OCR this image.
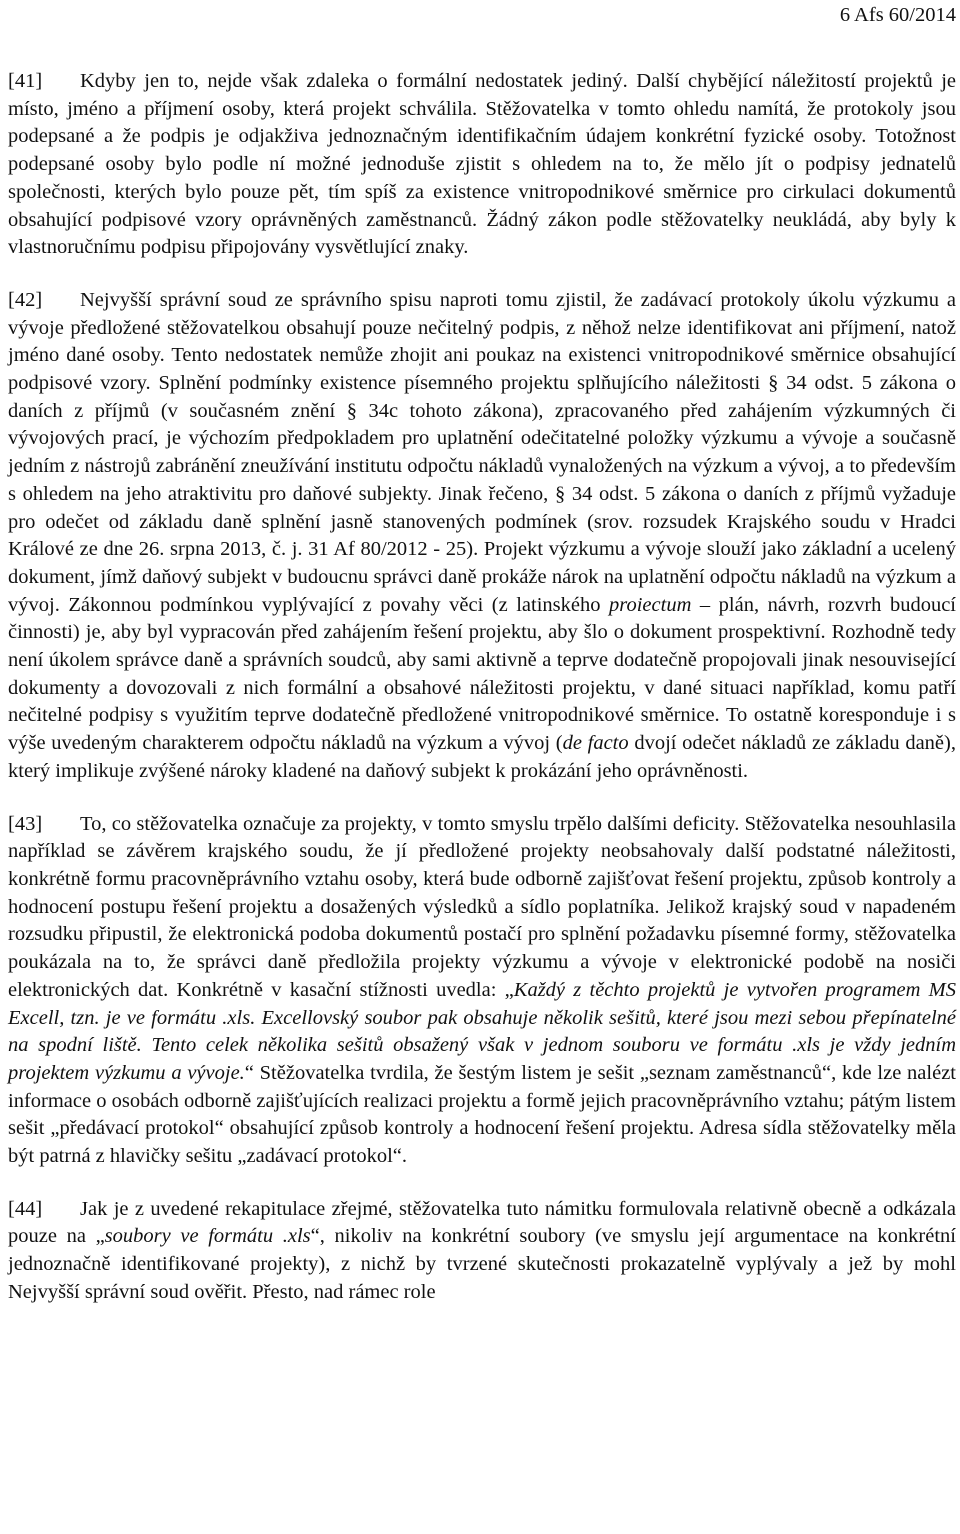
6 Afs 60/2014

[41] Kdyby jen to, nejde však zdaleka o formální nedostatek jediný. Další chybějící náležitostí projektů je místo, jméno a příjmení osoby, která projekt schválila. Stěžovatelka v tomto ohledu namítá, že protokoly jsou podepsané a že podpis je odjakživa jednoznačným identifikačním údajem konkrétní fyzické osoby. Totožnost podepsané osoby bylo podle ní možné jednoduše zjistit s ohledem na to, že mělo jít o podpisy jednatelů společnosti, kterých bylo pouze pět, tím spíš za existence vnitropodnikové směrnice pro cirkulaci dokumentů obsahující podpisové vzory oprávněných zaměstnanců. Žádný zákon podle stěžovatelky neukládá, aby byly k vlastnoručnímu podpisu připojovány vysvětlující znaky.

[42] Nejvyšší správní soud ze správního spisu naproti tomu zjistil, že zadávací protokoly úkolu výzkumu a vývoje předložené stěžovatelkou obsahují pouze nečitelný podpis, z něhož nelze identifikovat ani příjmení, natož jméno dané osoby. Tento nedostatek nemůže zhojit ani poukaz na existenci vnitropodnikové směrnice obsahující podpisové vzory. Splnění podmínky existence písemného projektu splňujícího náležitosti § 34 odst. 5 zákona o daních z příjmů (v současném znění § 34c tohoto zákona), zpracovaného před zahájením výzkumných či vývojových prací, je výchozím předpokladem pro uplatnění odečitatelné položky výzkumu a vývoje a současně jedním z nástrojů zabránění zneužívání institutu odpočtu nákladů vynaložených na výzkum a vývoj, a to především s ohledem na jeho atraktivitu pro daňové subjekty. Jinak řečeno, § 34 odst. 5 zákona o daních z příjmů vyžaduje pro odečet od základu daně splnění jasně stanovených podmínek (srov. rozsudek Krajského soudu v Hradci Králové ze dne 26. srpna 2013, č. j. 31 Af 80/2012 - 25). Projekt výzkumu a vývoje slouží jako základní a ucelený dokument, jímž daňový subjekt v budoucnu správci daně prokáže nárok na uplatnění odpočtu nákladů na výzkum a vývoj. Zákonnou podmínkou vyplývající z povahy věci (z latinského proiectum – plán, návrh, rozvrh budoucí činnosti) je, aby byl vypracován před zahájením řešení projektu, aby šlo o dokument prospektivní. Rozhodně tedy není úkolem správce daně a správních soudců, aby sami aktivně a teprve dodatečně propojovali jinak nesouvisející dokumenty a dovozovali z nich formální a obsahové náležitosti projektu, v dané situaci například, komu patří nečitelné podpisy s využitím teprve dodatečně předložené vnitropodnikové směrnice. To ostatně koresponduje i s výše uvedeným charakterem odpočtu nákladů na výzkum a vývoj (de facto dvojí odečet nákladů ze základu daně), který implikuje zvýšené nároky kladené na daňový subjekt k prokázání jeho oprávněnosti.

[43] To, co stěžovatelka označuje za projekty, v tomto smyslu trpělo dalšími deficity. Stěžovatelka nesouhlasila například se závěrem krajského soudu, že jí předložené projekty neobsahovaly další podstatné náležitosti, konkrétně formu pracovněprávního vztahu osoby, která bude odborně zajišťovat řešení projektu, způsob kontroly a hodnocení postupu řešení projektu a dosažených výsledků a sídlo poplatníka. Jelikož krajský soud v napadeném rozsudku připustil, že elektronická podoba dokumentů postačí pro splnění požadavku písemné formy, stěžovatelka poukázala na to, že správci daně předložila projekty výzkumu a vývoje v elektronické podobě na nosiči elektronických dat. Konkrétně v kasační stížnosti uvedla: „Každý z těchto projektů je vytvořen programem MS Excell, tzn. je ve formátu .xls. Excellovský soubor pak obsahuje několik sešitů, které jsou mezi sebou přepínatelné na spodní liště. Tento celek několika sešitů obsažený však v jednom souboru ve formátu .xls je vždy jedním projektem výzkumu a vývoje.“ Stěžovatelka tvrdila, že šestým listem je sešit „seznam zaměstnanců“, kde lze nalézt informace o osobách odborně zajišťujících realizaci projektu a formě jejich pracovněprávního vztahu; pátým listem sešit „předávací protokol“ obsahující způsob kontroly a hodnocení řešení projektu. Adresa sídla stěžovatelky měla být patrná z hlavičky sešitu „zadávací protokol“.

[44] Jak je z uvedené rekapitulace zřejmé, stěžovatelka tuto námitku formulovala relativně obecně a odkázala pouze na „soubory ve formátu .xls“, nikoliv na konkrétní soubory (ve smyslu její argumentace na konkrétní jednoznačně identifikované projekty), z nichž by tvrzené skutečnosti prokazatelně vyplývaly a jež by mohl Nejvyšší správní soud ověřit. Přesto, nad rámec role
